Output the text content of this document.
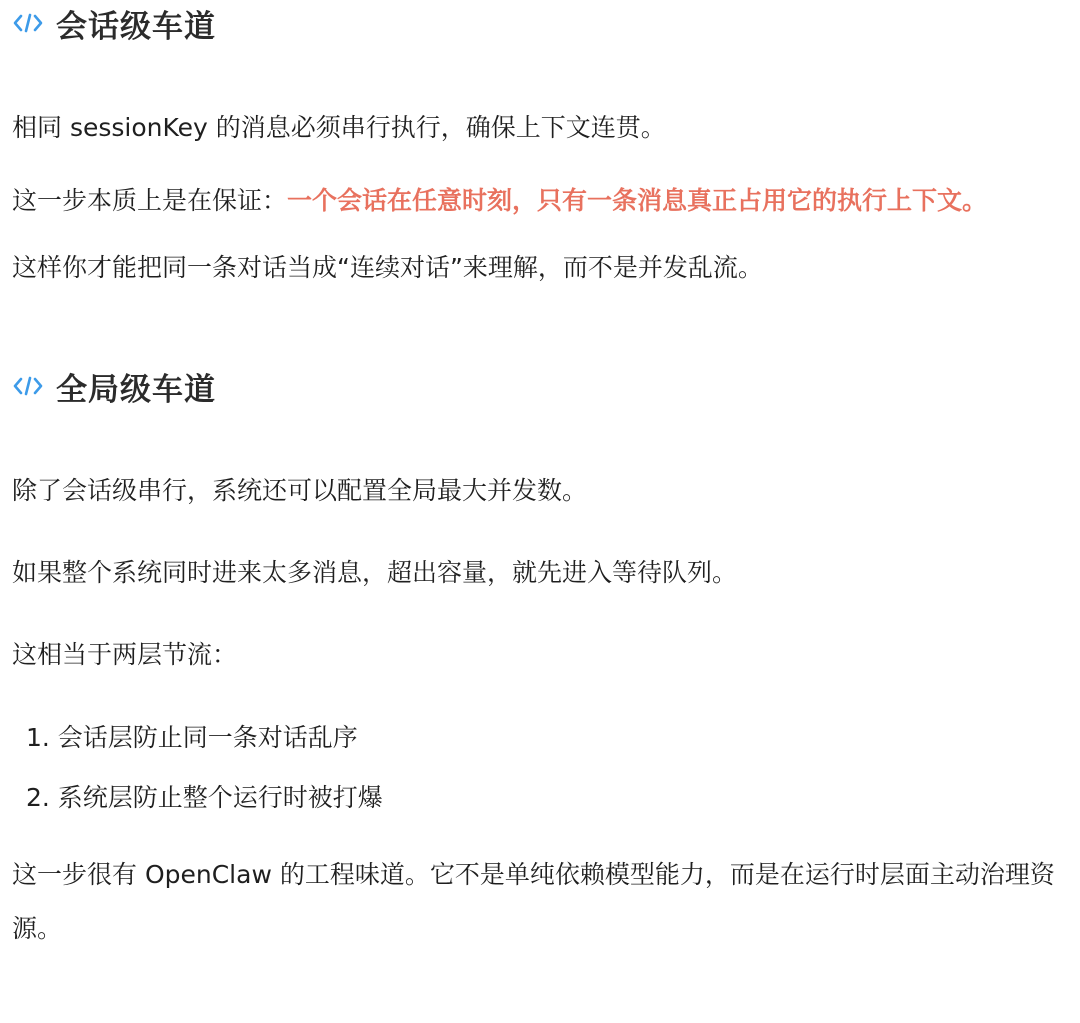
会话级车道

相同 sessionKey 的消息必须串行执行，确保上下文连贯。

这一步本质上是在保证：一个会话在任意时刻，只有一条消息真正占用它的执行上下文。

这样你才能把同一条对话当成“连续对话”来理解，而不是并发乱流。

全局级车道

除了会话级串行，系统还可以配置全局最大并发数。

如果整个系统同时进来太多消息，超出容量，就先进入等待队列。

这相当于两层节流：

1. 会话层防止同一条对话乱序
2. 系统层防止整个运行时被打爆

这一步很有 OpenClaw 的工程味道。它不是单纯依赖模型能力，而是在运行时层面主动治理资源。
